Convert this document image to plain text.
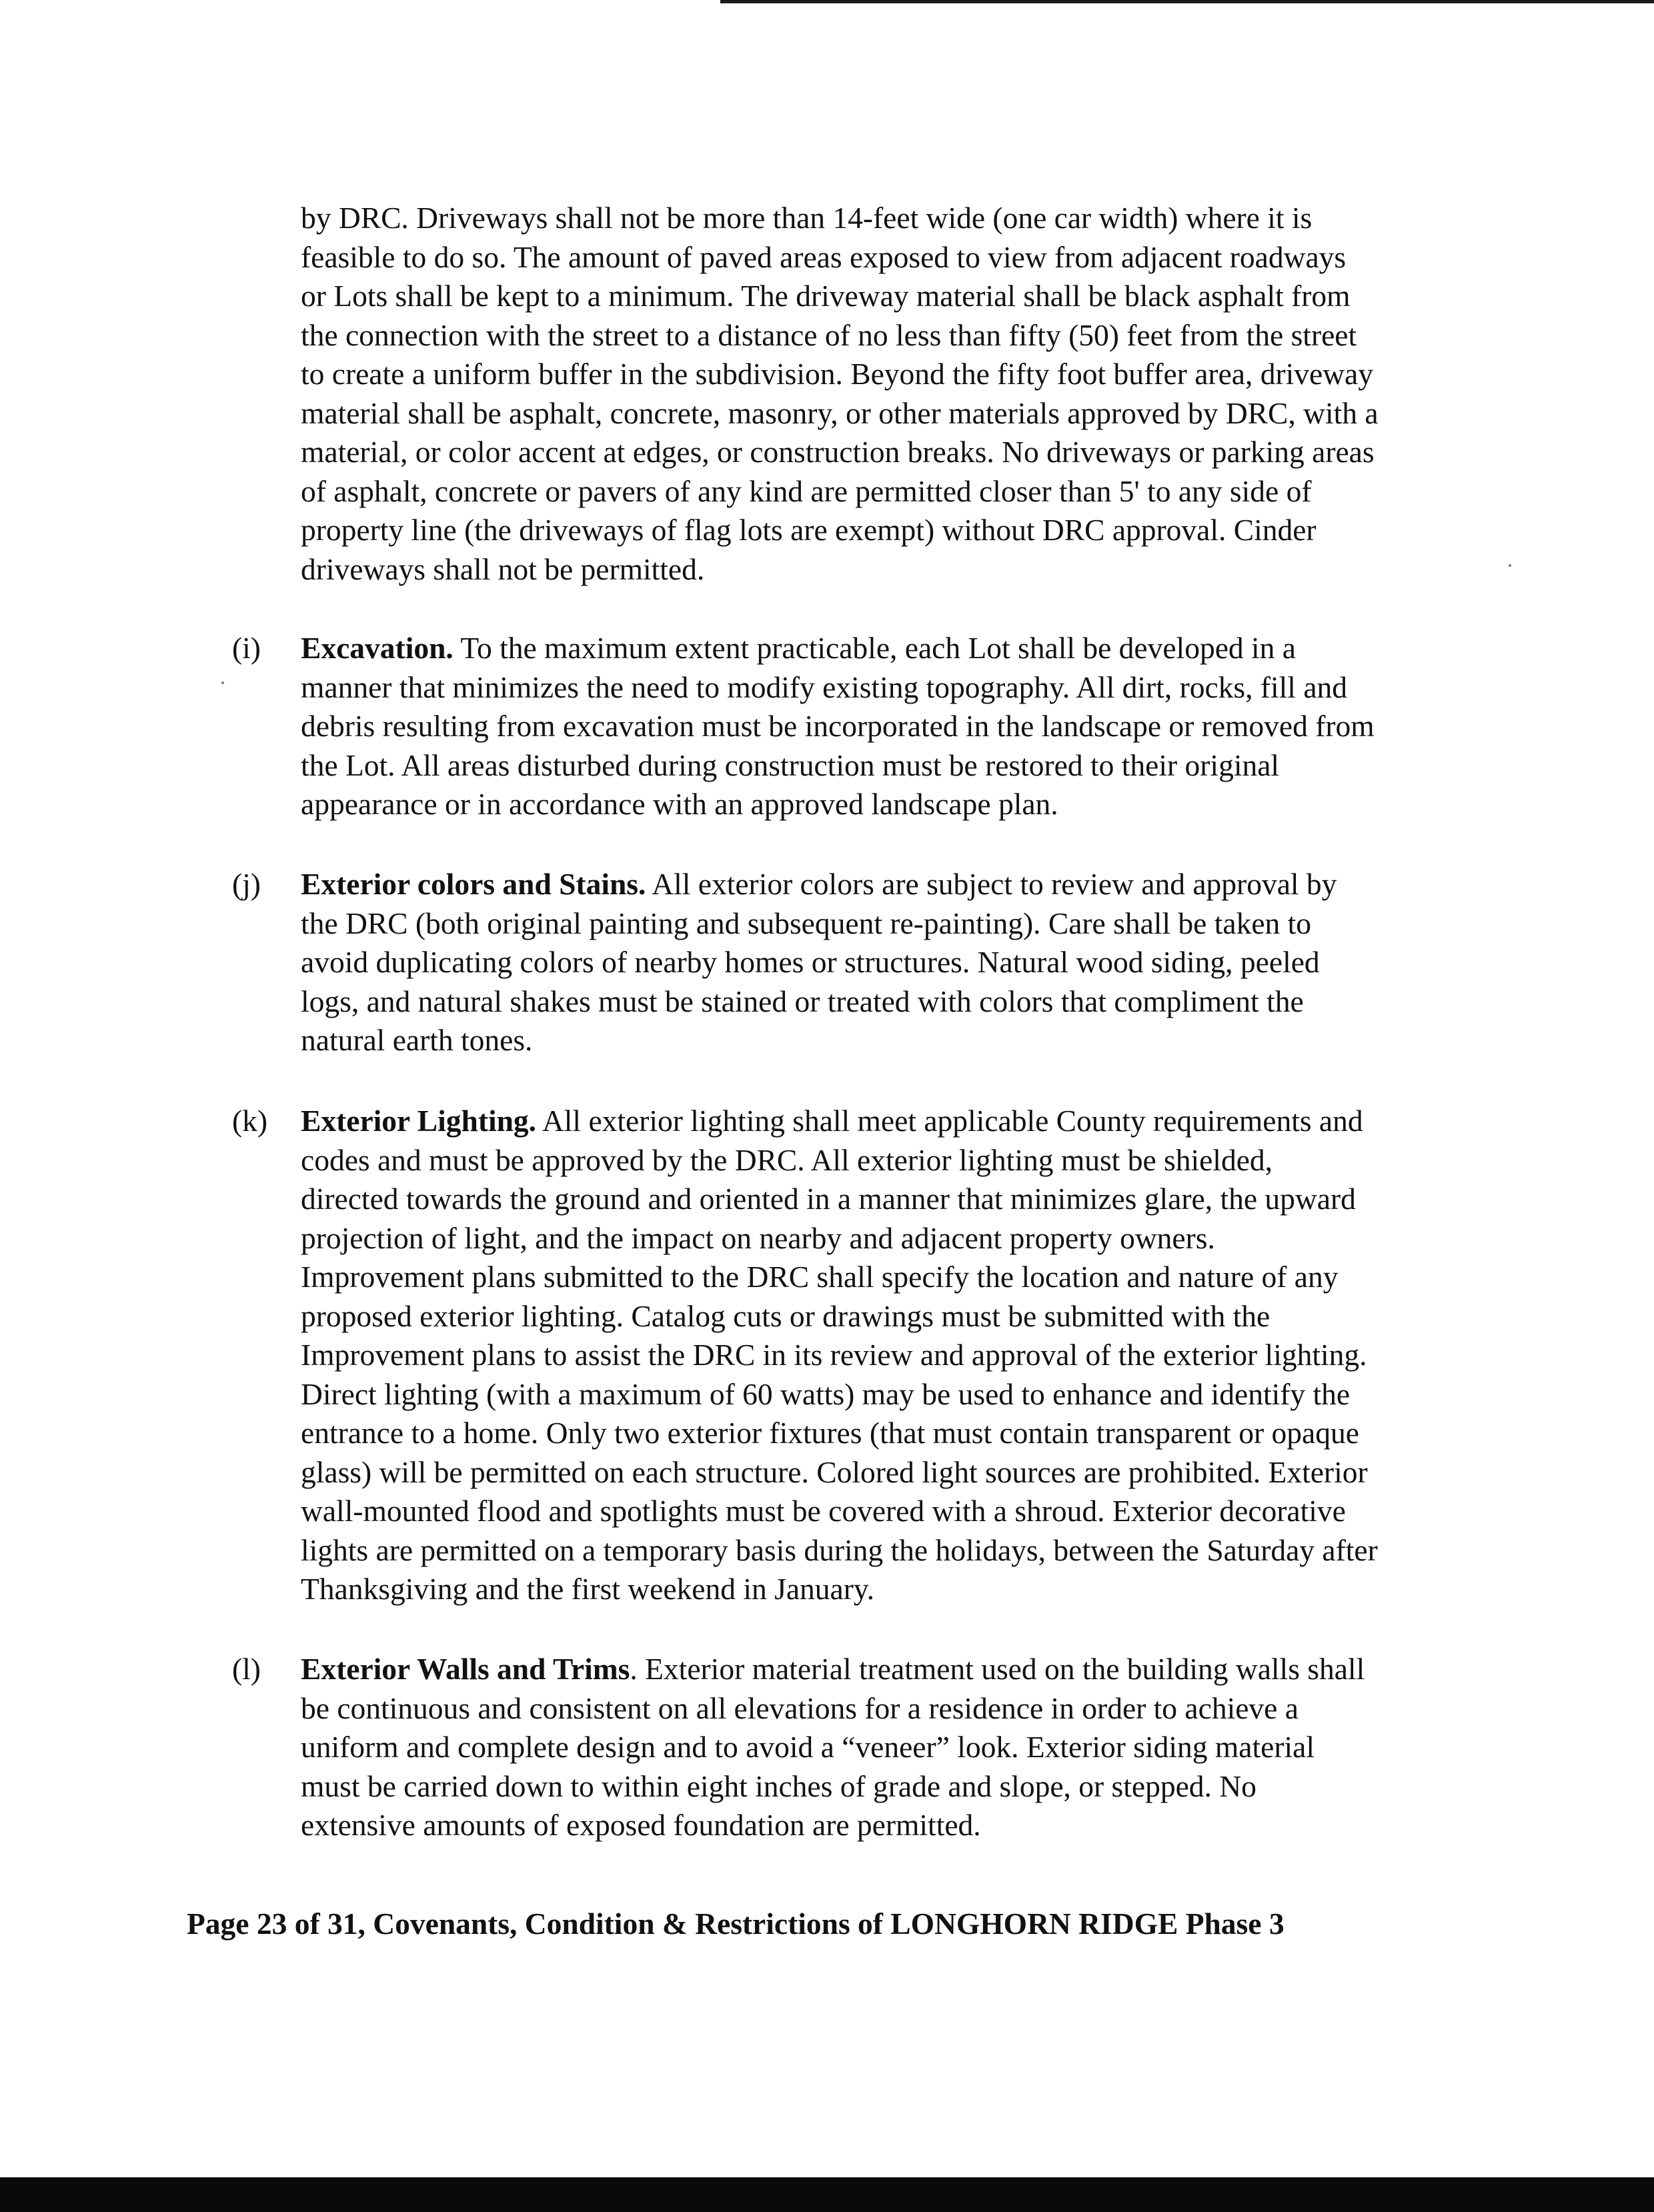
by DRC. Driveways shall not be more than 14-feet wide (one car width) where it is
feasible to do so. The amount of paved areas exposed to view from adjacent roadways
or Lots shall be kept to a minimum. The driveway material shall be black asphalt from
the connection with the street to a distance of no less than fifty (50) feet from the street
to create a uniform buffer in the subdivision. Beyond the fifty foot buffer area, driveway
material shall be asphalt, concrete, masonry, or other materials approved by DRC, with a
material, or color accent at edges, or construction breaks. No driveways or parking areas
of asphalt, concrete or pavers of any kind are permitted closer than 5' to any side of
property line (the driveways of flag lots are exempt) without DRC approval. Cinder
driveways shall not be permitted.

(i) Excavation. To the maximum extent practicable, each Lot shall be developed in a
manner that minimizes the need to modify existing topography. All dirt, rocks, fill and
debris resulting from excavation must be incorporated in the landscape or removed from
the Lot. All areas disturbed during construction must be restored to their original
appearance or in accordance with an approved landscape plan.
(j) Exterior colors and Stains. All exterior colors are subject to review and approval by
the DRC (both original painting and subsequent re-painting). Care shall be taken to
avoid duplicating colors of nearby homes or structures. Natural wood siding, peeled
logs, and natural shakes must be stained or treated with colors that compliment the
natural earth tones.
(k) Exterior Lighting. All exterior lighting shall meet applicable County requirements and
codes and must be approved by the DRC. All exterior lighting must be shielded,
directed towards the ground and oriented in a manner that minimizes glare, the upward
projection of light, and the impact on nearby and adjacent property owners.
Improvement plans submitted to the DRC shall specify the location and nature of any
proposed exterior lighting. Catalog cuts or drawings must be submitted with the
Improvement plans to assist the DRC in its review and approval of the exterior lighting.
Direct lighting (with a maximum of 60 watts) may be used to enhance and identify the
entrance to a home. Only two exterior fixtures (that must contain transparent or opaque
glass) will be permitted on each structure. Colored light sources are prohibited. Exterior
wall-mounted flood and spotlights must be covered with a shroud. Exterior decorative
lights are permitted on a temporary basis during the holidays, between the Saturday after
Thanksgiving and the first weekend in January.
(l) Exterior Walls and Trims. Exterior material treatment used on the building walls shall
be continuous and consistent on all elevations for a residence in order to achieve a
uniform and complete design and to avoid a “veneer” look. Exterior siding material
must be carried down to within eight inches of grade and slope, or stepped. No
extensive amounts of exposed foundation are permitted.
Page 23 of 31, Covenants, Condition & Restrictions of LONGHORN RIDGE Phase 3
